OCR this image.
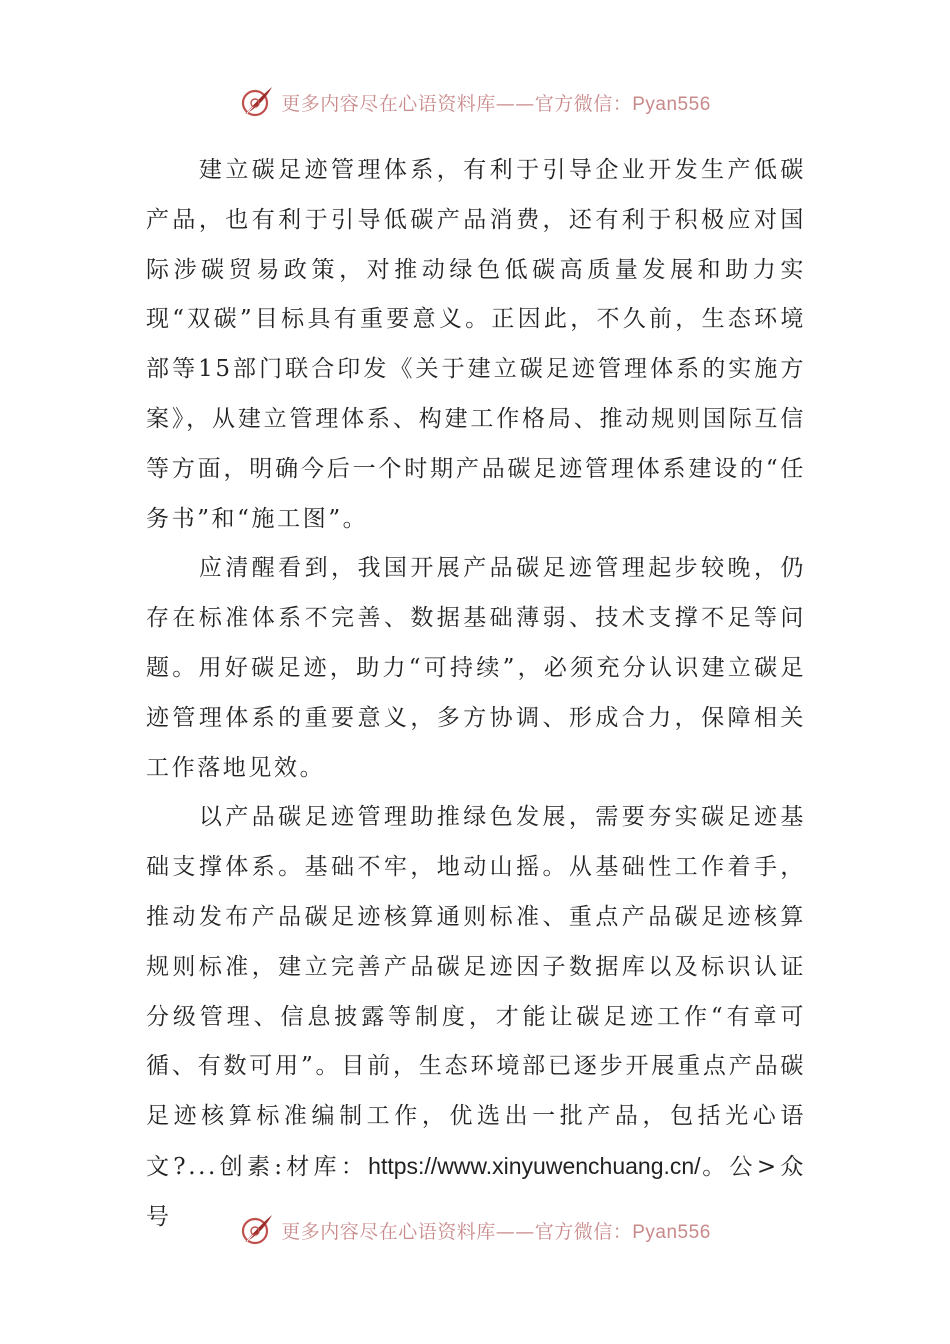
更多内容尽在心语资料库——官方微信：Pyan556

建立碳足迹管理体系，有利于引导企业开发生产低碳产品，也有利于引导低碳产品消费，还有利于积极应对国际涉碳贸易政策，对推动绿色低碳高质量发展和助力实现“双碳”目标具有重要意义。正因此，不久前，生态环境部等15部门联合印发《关于建立碳足迹管理体系的实施方案》，从建立管理体系、构建工作格局、推动规则国际互信等方面，明确今后一个时期产品碳足迹管理体系建设的“任务书”和“施工图”。

应清醒看到，我国开展产品碳足迹管理起步较晚，仍存在标准体系不完善、数据基础薄弱、技术支撑不足等问题。用好碳足迹，助力“可持续”，必须充分认识建立碳足迹管理体系的重要意义，多方协调、形成合力，保障相关工作落地见效。

以产品碳足迹管理助推绿色发展，需要夯实碳足迹基础支撑体系。基础不牢，地动山摇。从基础性工作着手，推动发布产品碳足迹核算通则标准、重点产品碳足迹核算规则标准，建立完善产品碳足迹因子数据库以及标识认证分级管理、信息披露等制度，才能让碳足迹工作“有章可循、有数可用”。目前，生态环境部已逐步开展重点产品碳足迹核算标准编制工作，优选出一批产品，包括光心语文?...创素:材库：https://www.xinyuwenchuang.cn/。公>众号

更多内容尽在心语资料库——官方微信：Pyan556
